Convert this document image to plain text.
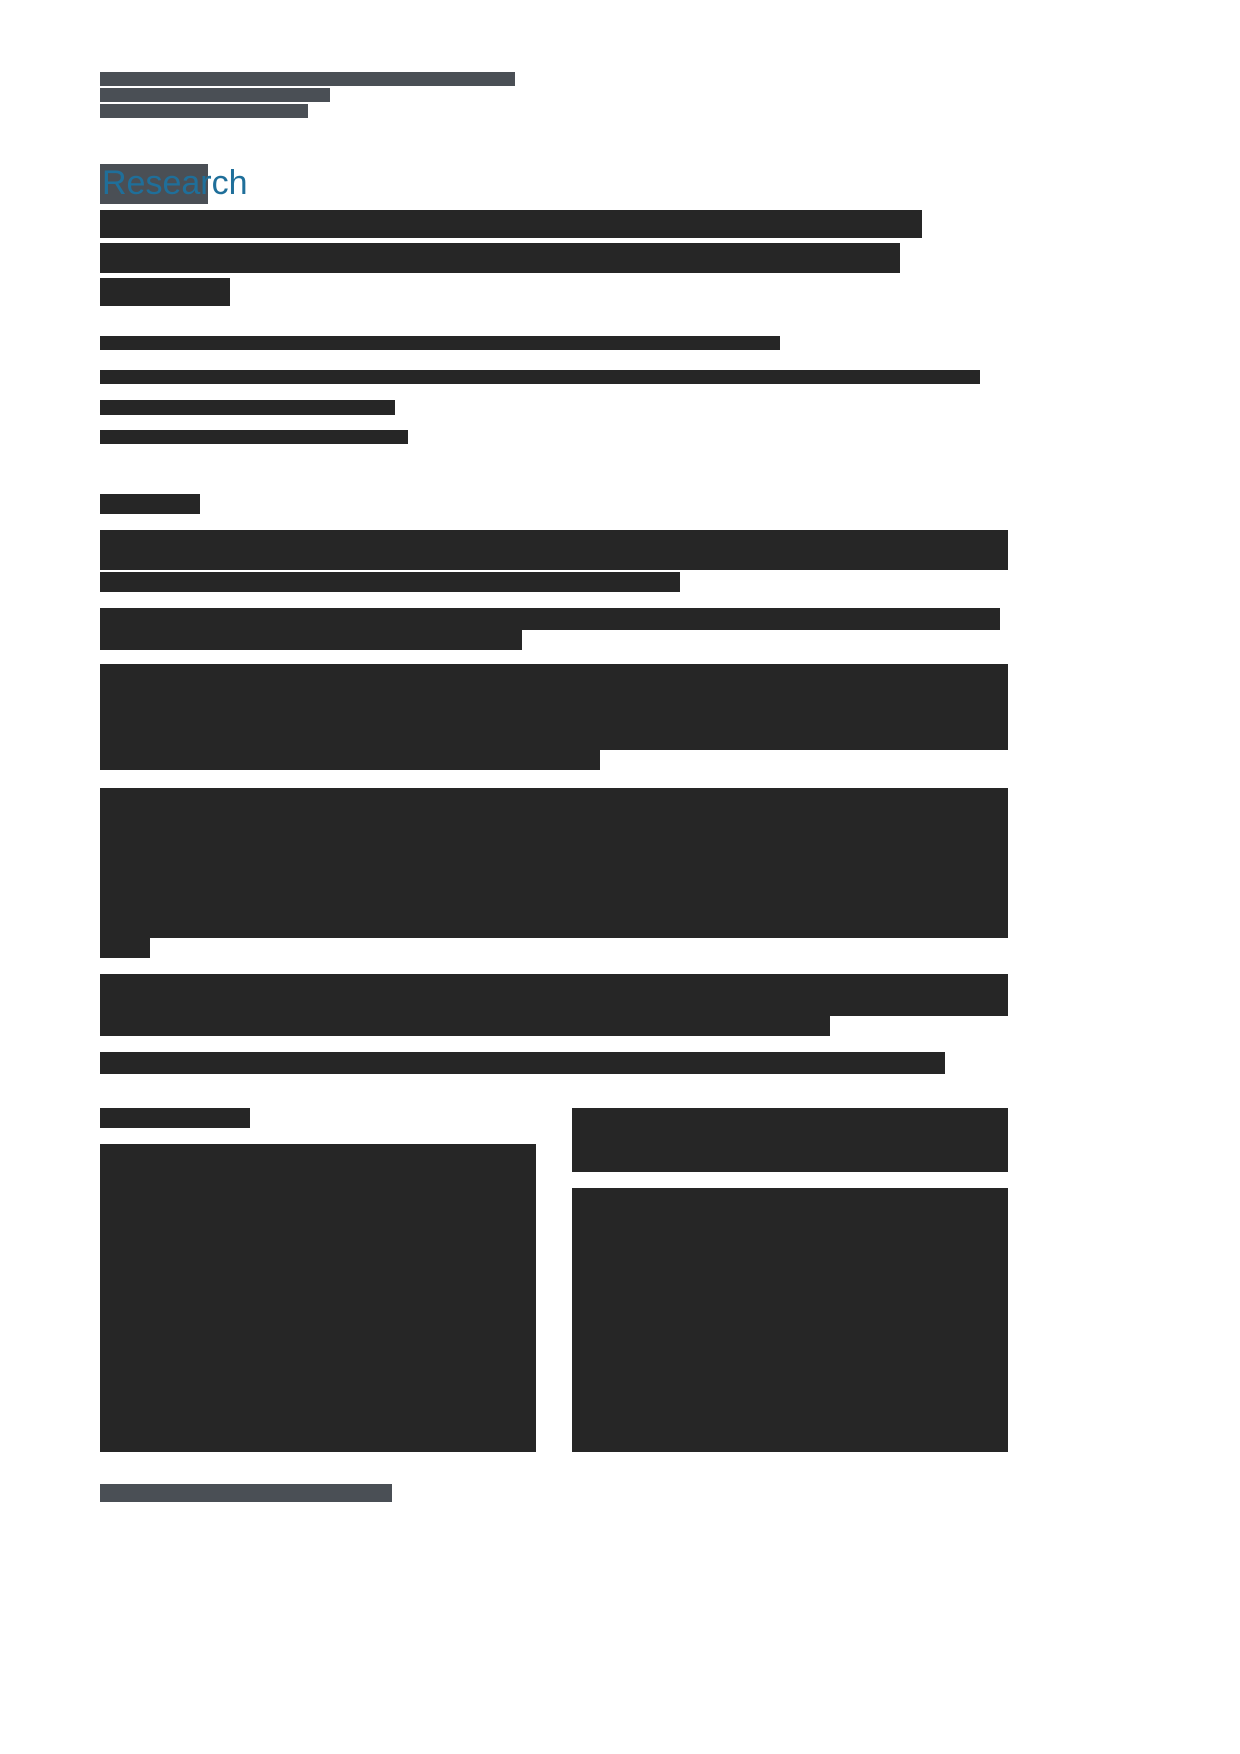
Research
